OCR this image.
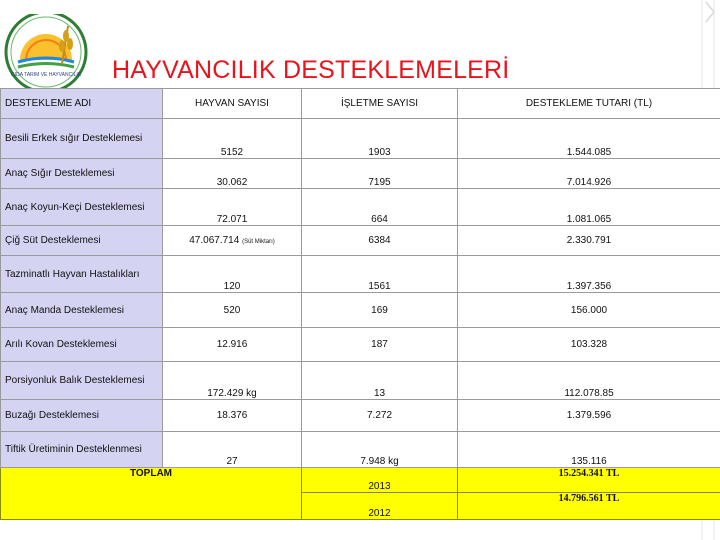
GIDA TARIM VE HAYVANCILIK HAYVANCILIK DESTEKLEMELERİ
DESTEKLEME ADI	HAYVAN SAYISI	İŞLETME SAYISI	DESTEKLEME TUTARI (TL)
Besili Erkek sığır Desteklemesi	5152	1903	1.544.085
Anaç Sığır Desteklemesi	30.062	7195	7.014.926
Anaç Koyun-Keçi Desteklemesi	72.071	664	1.081.065
Çiğ Süt Desteklemesi	47.067.714 (Süt Miktarı)	6384	2.330.791
Tazminatlı Hayvan Hastalıkları	120	1561	1.397.356
Anaç Manda Desteklemesi	520	169	156.000
Arılı Kovan Desteklemesi	12.916	187	103.328
Porsiyonluk Balık Desteklemesi	172.429 kg	13	112.078.85
Buzağı Desteklemesi	18.376	7.272	1.379.596
Tiftik Üretiminin Desteklenmesi	27	7.948 kg	135.116
TOPLAM		2013	15.254.341 TL
		2012	14.796.561 TL
